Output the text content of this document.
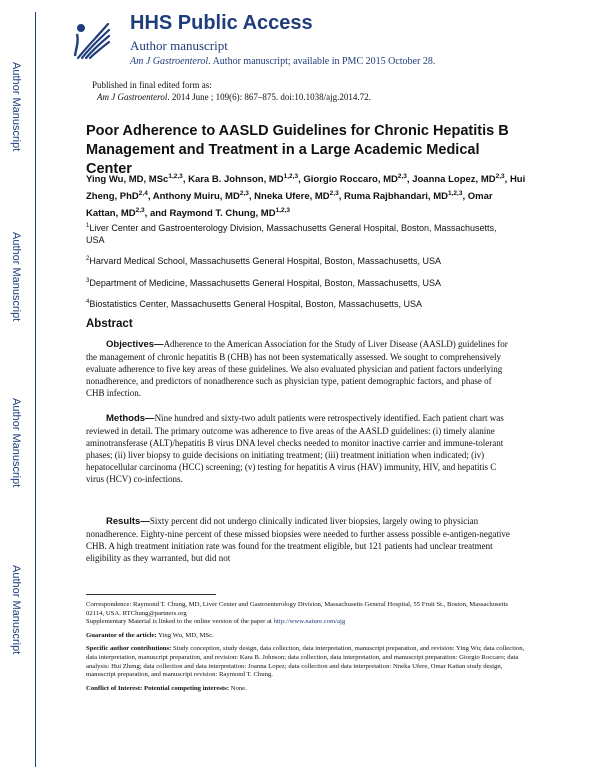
Author Manuscript
Author Manuscript
Author Manuscript
Author Manuscript
HHS Public Access
Author manuscript
Am J Gastroenterol. Author manuscript; available in PMC 2015 October 28.
Published in final edited form as:
Am J Gastroenterol. 2014 June ; 109(6): 867–875. doi:10.1038/ajg.2014.72.
Poor Adherence to AASLD Guidelines for Chronic Hepatitis B Management and Treatment in a Large Academic Medical Center
Ying Wu, MD, MSc$^{1,2,3}$, Kara B. Johnson, MD$^{1,2,3}$, Giorgio Roccaro, MD$^{2,3}$, Joanna Lopez, MD$^{2,3}$, Hui Zheng, PhD$^{2,4}$, Anthony Muiru, MD$^{2,3}$, Nneka Ufere, MD$^{2,3}$, Ruma Rajbhandari, MD$^{1,2,3}$, Omar Kattan, MD$^{2,3}$, and Raymond T. Chung, MD$^{1,2,3}$
$^1$Liver Center and Gastroenterology Division, Massachusetts General Hospital, Boston, Massachusetts, USA
$^2$Harvard Medical School, Massachusetts General Hospital, Boston, Massachusetts, USA
$^3$Department of Medicine, Massachusetts General Hospital, Boston, Massachusetts, USA
$^4$Biostatistics Center, Massachusetts General Hospital, Boston, Massachusetts, USA
Abstract
Objectives—Adherence to the American Association for the Study of Liver Disease (AASLD) guidelines for the management of chronic hepatitis B (CHB) has not been systematically assessed. We sought to comprehensively evaluate adherence to five key areas of these guidelines. We also evaluated physician and patient factors underlying nonadherence, and predictors of nonadherence such as physician type, patient demographic factors, and phase of CHB infection.
Methods—Nine hundred and sixty-two adult patients were retrospectively identified. Each patient chart was reviewed in detail. The primary outcome was adherence to five areas of the AASLD guidelines: (i) timely alanine aminotransferase (ALT)/hepatitis B virus DNA level checks needed to monitor inactive carrier and immune-tolerant phases; (ii) liver biopsy to guide decisions on initiating treatment; (iii) treatment initiation when indicated; (iv) hepatocellular carcinoma (HCC) screening; (v) testing for hepatitis A virus (HAV) immunity, HIV, and hepatitis C virus (HCV) co-infections.
Results—Sixty percent did not undergo clinically indicated liver biopsies, largely owing to physician nonadherence. Eighty-nine percent of these missed biopsies were needed to further assess possible e-antigen-negative CHB. A high treatment initiation rate was found for the treatment eligible, but 121 patients had unclear treatment eligibility as they warranted, but did not
Correspondence: Raymond T. Chung, MD, Liver Center and Gastroenterology Division, Massachusetts General Hospital, 55 Fruit St., Boston, Massachusetts 02114, USA. RTChung@partners.org
Supplementary Material is linked to the online version of the paper at http://www.nature.com/ajg
Guarantor of the article: Ying Wu, MD, MSc.
Specific author contributions: Study conception, study design, data collection, data interpretation, manuscript preparation, and revision: Ying Wu; data collection, data interpretation, manuscript preparation, and revision: Kara B. Johnson; data collection, data interpretation, and manuscript preparation: Giorgio Roccaro; data analysis: Hui Zheng; data collection and data interpretation: Joanna Lopez; data collection and data interpretation: Nneka Ufere, Omar Kattan study design, manuscript preparation, and manuscript revision: Raymond T. Chung.
Conflict of Interest: Potential competing interests: None.
